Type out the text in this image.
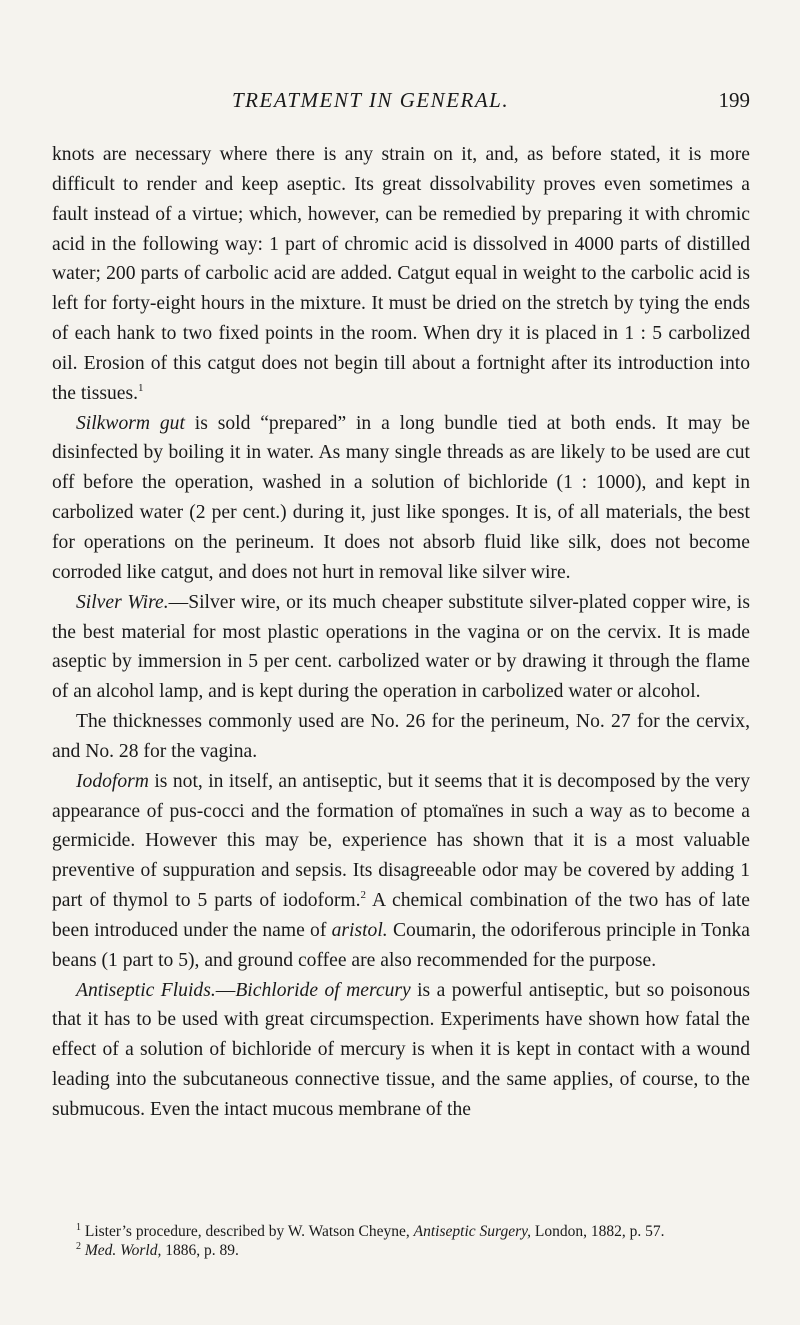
TREATMENT IN GENERAL.	199

knots are necessary where there is any strain on it, and, as before stated, it is more difficult to render and keep aseptic. Its great dissolvability proves even sometimes a fault instead of a virtue; which, however, can be remedied by preparing it with chromic acid in the following way: 1 part of chromic acid is dissolved in 4000 parts of distilled water; 200 parts of carbolic acid are added. Catgut equal in weight to the carbolic acid is left for forty-eight hours in the mixture. It must be dried on the stretch by tying the ends of each hank to two fixed points in the room. When dry it is placed in 1 : 5 carbolized oil. Erosion of this catgut does not begin till about a fortnight after its introduction into the tissues.$^1$

Silkworm gut is sold “prepared” in a long bundle tied at both ends. It may be disinfected by boiling it in water. As many single threads as are likely to be used are cut off before the operation, washed in a solution of bichloride (1 : 1000), and kept in carbolized water (2 per cent.) during it, just like sponges. It is, of all materials, the best for operations on the perineum. It does not absorb fluid like silk, does not become corroded like catgut, and does not hurt in removal like silver wire.

Silver Wire.—Silver wire, or its much cheaper substitute silver-plated copper wire, is the best material for most plastic operations in the vagina or on the cervix. It is made aseptic by immersion in 5 per cent. carbolized water or by drawing it through the flame of an alcohol lamp, and is kept during the operation in carbolized water or alcohol.

The thicknesses commonly used are No. 26 for the perineum, No. 27 for the cervix, and No. 28 for the vagina.

Iodoform is not, in itself, an antiseptic, but it seems that it is decomposed by the very appearance of pus-cocci and the formation of ptomaïnes in such a way as to become a germicide. However this may be, experience has shown that it is a most valuable preventive of suppuration and sepsis. Its disagreeable odor may be covered by adding 1 part of thymol to 5 parts of iodoform.$^2$ A chemical combination of the two has of late been introduced under the name of aristol. Coumarin, the odoriferous principle in Tonka beans (1 part to 5), and ground coffee are also recommended for the purpose.

Antiseptic Fluids.—Bichloride of mercury is a powerful antiseptic, but so poisonous that it has to be used with great circumspection. Experiments have shown how fatal the effect of a solution of bichloride of mercury is when it is kept in contact with a wound leading into the subcutaneous connective tissue, and the same applies, of course, to the submucous. Even the intact mucous membrane of the

$^1$ Lister’s procedure, described by W. Watson Cheyne, Antiseptic Surgery, London, 1882, p. 57.

$^2$ Med. World, 1886, p. 89.
